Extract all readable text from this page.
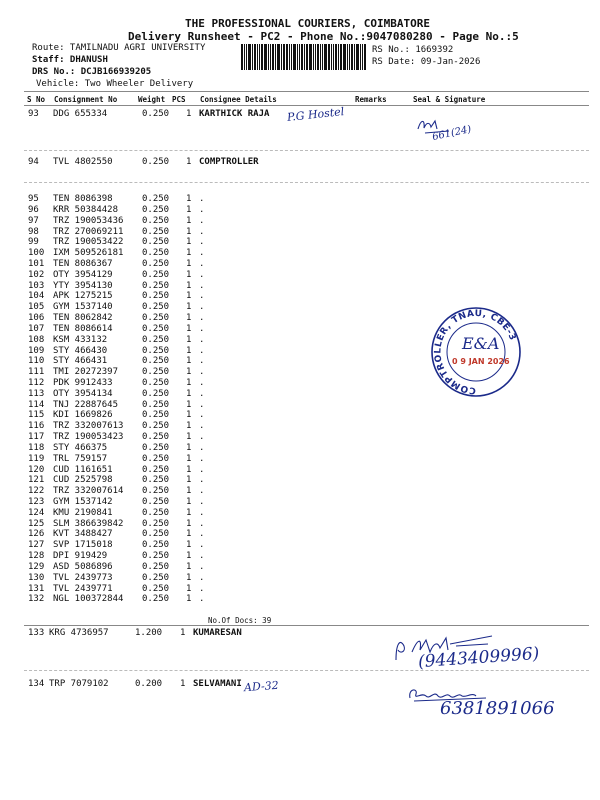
THE PROFESSIONAL COURIERS, COIMBATORE
Delivery Runsheet - PC2 - Phone No.:9047080280 - Page No.:5
Route: TAMILNADU AGRI UNIVERSITY
Staff: DHANUSH
DRS No.: DCJB166939205
Vehicle: Two Wheeler Delivery
RS No.: 1669392
RS Date: 09-Jan-2026
S No Consignment No	Weight PCS Consignee Details	Remarks	Seal & Signature
93 DDG 655334	0.250 1 KARTHICK RAJA P.G Hostel
661(24)
94 TVL 4802550	0.250 1 COMPTROLLER
95 TEN 8086398	0.250 1 .
96 KRR 50384428	0.250 1 .
97 TRZ 190053436 0.250 1 .
98 TRZ 270069211 0.250 1 .
99 TRZ 190053422 0.250 1 .
100 IXM 509526181 0.250 1 .
101 TEN 8086367	0.250 1 .
102 OTY 3954129	0.250 1 .
103 YTY 3954130	0.250 1 .
104 APK 1275215	0.250 1 .
105 GYM 1537140	0.250 1 .
106 TEN 8062842	0.250 1 .
107 TEN 8086614	0.250 1 .
108 KSM 433132	0.250 1 .
109 STY 466430	0.250 1 .
110 STY 466431	0.250 1 .
111 TMI 20272397	0.250 1 .
112 PDK 9912433	0.250 1 .
113 OTY 3954134	0.250 1 .
114 TNJ 22887645	0.250 1 .
115 KDI 1669826	0.250 1 .
116 TRZ 332007613 0.250 1 .
117 TRZ 190053423 0.250 1 .
118 STY 466375	0.250 1 .
119 TRL 759157	0.250 1 .
120 CUD 1161651	0.250 1 .
121 CUD 2525798	0.250 1 .
122 TRZ 332007614 0.250 1 .
123 GYM 1537142	0.250 1 .
124 KMU 2190841	0.250 1 .
125 SLM 386639842 0.250 1 .
126 KVT 3488427	0.250 1 .
127 SVP 1715018	0.250 1 .
128 DPI 919429	0.250 1 .
129 ASD 5086896	0.250 1 .
130 TVL 2439773	0.250 1 .
131 TVL 2439771	0.250 1 .
132 NGL 100372844 0.250 1 .
No.Of Docs: 39
133 KRG 4736957	1.200 1 KUMARESAN
(9443409996)
134 TRP 7079102	0.200 1 SELVAMANI AD-32
6381891066
COMPTROLLER, TNAU, CBE-3
E&A
0 9 JAN 2026
